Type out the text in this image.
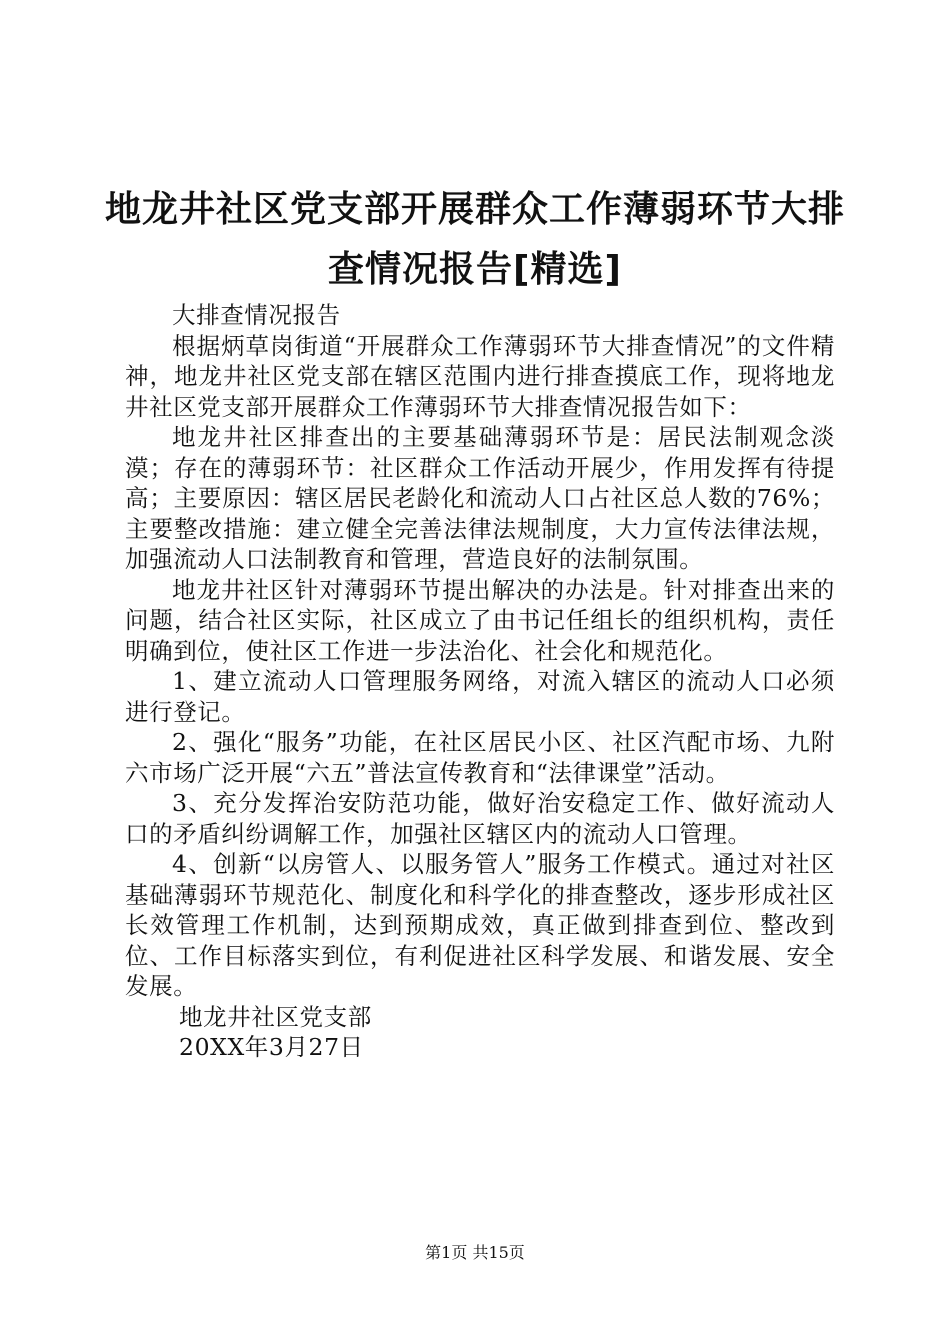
地龙井社区党支部开展群众工作薄弱环节大排
查情况报告[精选]

大排查情况报告

根据炳草岗街道“开展群众工作薄弱环节大排查情况”的文件精神，地龙井社区党支部在辖区范围内进行排查摸底工作，现将地龙井社区党支部开展群众工作薄弱环节大排查情况报告如下：

地龙井社区排查出的主要基础薄弱环节是：居民法制观念淡漠；存在的薄弱环节：社区群众工作活动开展少，作用发挥有待提高；主要原因：辖区居民老龄化和流动人口占社区总人数的76%；主要整改措施：建立健全完善法律法规制度，大力宣传法律法规，加强流动人口法制教育和管理，营造良好的法制氛围。

地龙井社区针对薄弱环节提出解决的办法是。针对排查出来的问题，结合社区实际，社区成立了由书记任组长的组织机构，责任明确到位，使社区工作进一步法治化、社会化和规范化。

1、建立流动人口管理服务网络，对流入辖区的流动人口必须进行登记。

2、强化“服务”功能，在社区居民小区、社区汽配市场、九附六市场广泛开展“六五”普法宣传教育和“法律课堂”活动。

3、充分发挥治安防范功能，做好治安稳定工作、做好流动人口的矛盾纠纷调解工作，加强社区辖区内的流动人口管理。

4、创新“以房管人、以服务管人”服务工作模式。通过对社区基础薄弱环节规范化、制度化和科学化的排查整改，逐步形成社区长效管理工作机制，达到预期成效，真正做到排查到位、整改到位、工作目标落实到位，有利促进社区科学发展、和谐发展、安全发展。

地龙井社区党支部

20XX年3月27日

第1页 共15页
